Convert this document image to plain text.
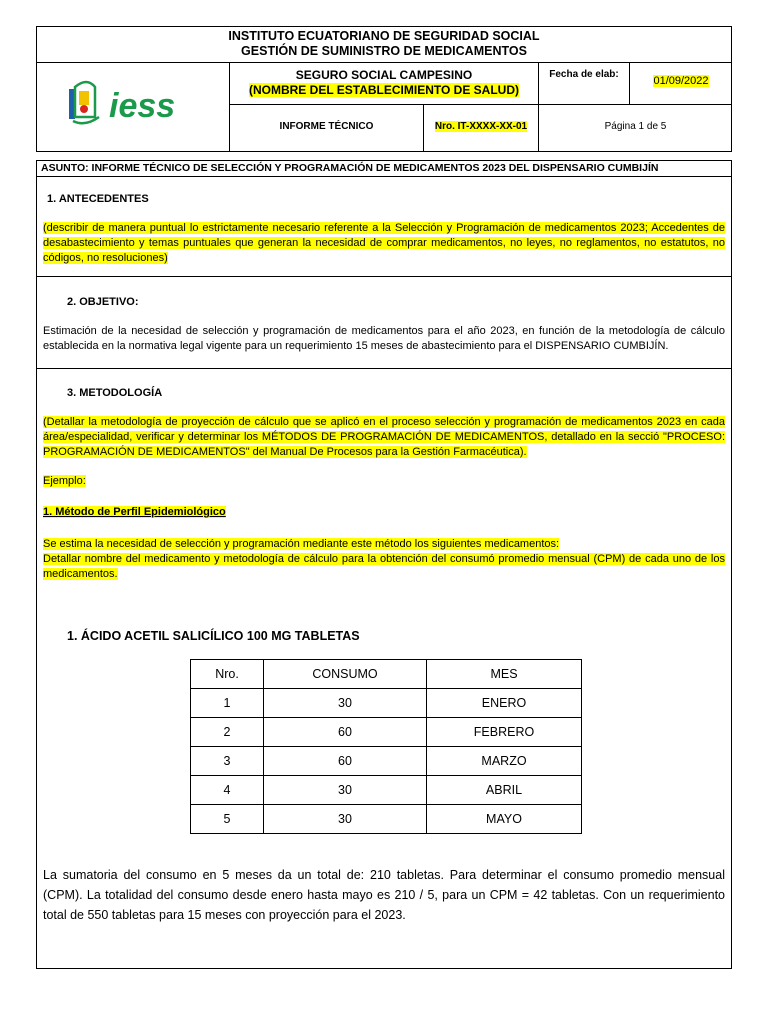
INSTITUTO ECUATORIANO DE SEGURIDAD SOCIAL
GESTIÓN DE SUMINISTRO DE MEDICAMENTOS
iess
SEGURO SOCIAL CAMPESINO
(NOMBRE DEL ESTABLECIMIENTO DE SALUD)
Fecha de elab:
01/09/2022
INFORME TÉCNICO	Nro. IT-XXXX-XX-01	Página 1 de 5
ASUNTO: INFORME TÉCNICO DE SELECCIÓN Y PROGRAMACIÓN DE MEDICAMENTOS 2023 DEL DISPENSARIO CUMBIJÍN
1. ANTECEDENTES
(describir de manera puntual lo estrictamente necesario referente a la Selección y Programación de medicamentos 2023; Accedentes de desabastecimiento y temas puntuales que generan la necesidad de comprar medicamentos, no leyes, no reglamentos, no estatutos, no códigos, no resoluciones)
2. OBJETIVO:
Estimación de la necesidad de selección y programación de medicamentos para el año 2023, en función de la metodología de cálculo establecida en la normativa legal vigente para un requerimiento 15 meses de abastecimiento para el DISPENSARIO CUMBIJÍN.
3. METODOLOGÍA
(Detallar la metodología de proyección de cálculo que se aplicó en el proceso selección y programación de medicamentos 2023 en cada área/especialidad, verificar y determinar los MÉTODOS DE PROGRAMACIÓN DE MEDICAMENTOS, detallado en la secció "PROCESO: PROGRAMACIÓN DE MEDICAMENTOS" del Manual De Procesos para la Gestión Farmacéutica).
Ejemplo:
1. Método de Perfil Epidemiológico
Se estima la necesidad de selección y programación mediante este método los siguientes medicamentos:
Detallar nombre del medicamento y metodología de cálculo para la obtención del consumó promedio mensual (CPM) de cada uno de los medicamentos.
1. ÁCIDO ACETIL SALICÍLICO 100 MG TABLETAS
Nro.	CONSUMO	MES
1	30	ENERO
2	60	FEBRERO
3	60	MARZO
4	30	ABRIL
5	30	MAYO
La sumatoria del consumo en 5 meses da un total de: 210 tabletas. Para determinar el consumo promedio mensual (CPM). La totalidad del consumo desde enero hasta mayo es 210 / 5, para un CPM = 42 tabletas. Con un requerimiento total de 550 tabletas para 15 meses con proyección para el 2023.
